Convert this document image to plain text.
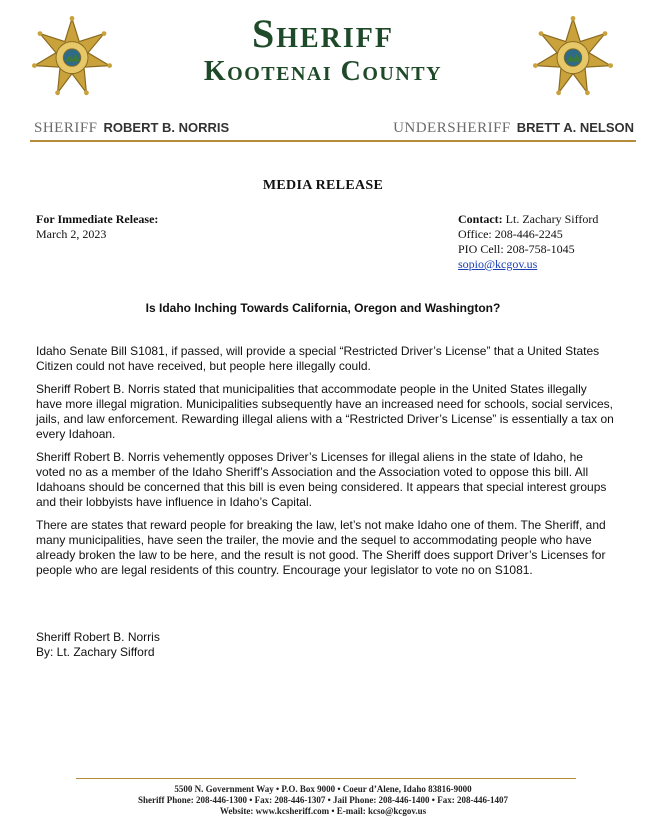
Sheriff
Kootenai County
SHERIFF ROBERT B. NORRIS	UNDERSHERIFF BRETT A. NELSON
MEDIA RELEASE
For Immediate Release:
March 2, 2023
Contact: Lt. Zachary Sifford
Office: 208-446-2245
PIO Cell: 208-758-1045
sopio@kcgov.us
Is Idaho Inching Towards California, Oregon and Washington?

Idaho Senate Bill S1081, if passed, will provide a special “Restricted Driver’s License” that a United States Citizen could not have received, but people here illegally could.

Sheriff Robert B. Norris stated that municipalities that accommodate people in the United States illegally have more illegal migration. Municipalities subsequently have an increased need for schools, social services, jails, and law enforcement. Rewarding illegal aliens with a “Restricted Driver’s License” is essentially a tax on every Idahoan.

Sheriff Robert B. Norris vehemently opposes Driver’s Licenses for illegal aliens in the state of Idaho, he voted no as a member of the Idaho Sheriff’s Association and the Association voted to oppose this bill. All Idahoans should be concerned that this bill is even being considered. It appears that special interest groups and their lobbyists have influence in Idaho’s Capital.

There are states that reward people for breaking the law, let’s not make Idaho one of them. The Sheriff, and many municipalities, have seen the trailer, the movie and the sequel to accommodating people who have already broken the law to be here, and the result is not good. The Sheriff does support Driver’s Licenses for people who are legal residents of this country. Encourage your legislator to vote no on S1081.

Sheriff Robert B. Norris
By: Lt. Zachary Sifford
5500 N. Government Way • P.O. Box 9000 • Coeur d’Alene, Idaho 83816-9000
Sheriff Phone: 208-446-1300 • Fax: 208-446-1307 • Jail Phone: 208-446-1400 • Fax: 208-446-1407
Website: www.kcsheriff.com • E-mail: kcso@kcgov.us
